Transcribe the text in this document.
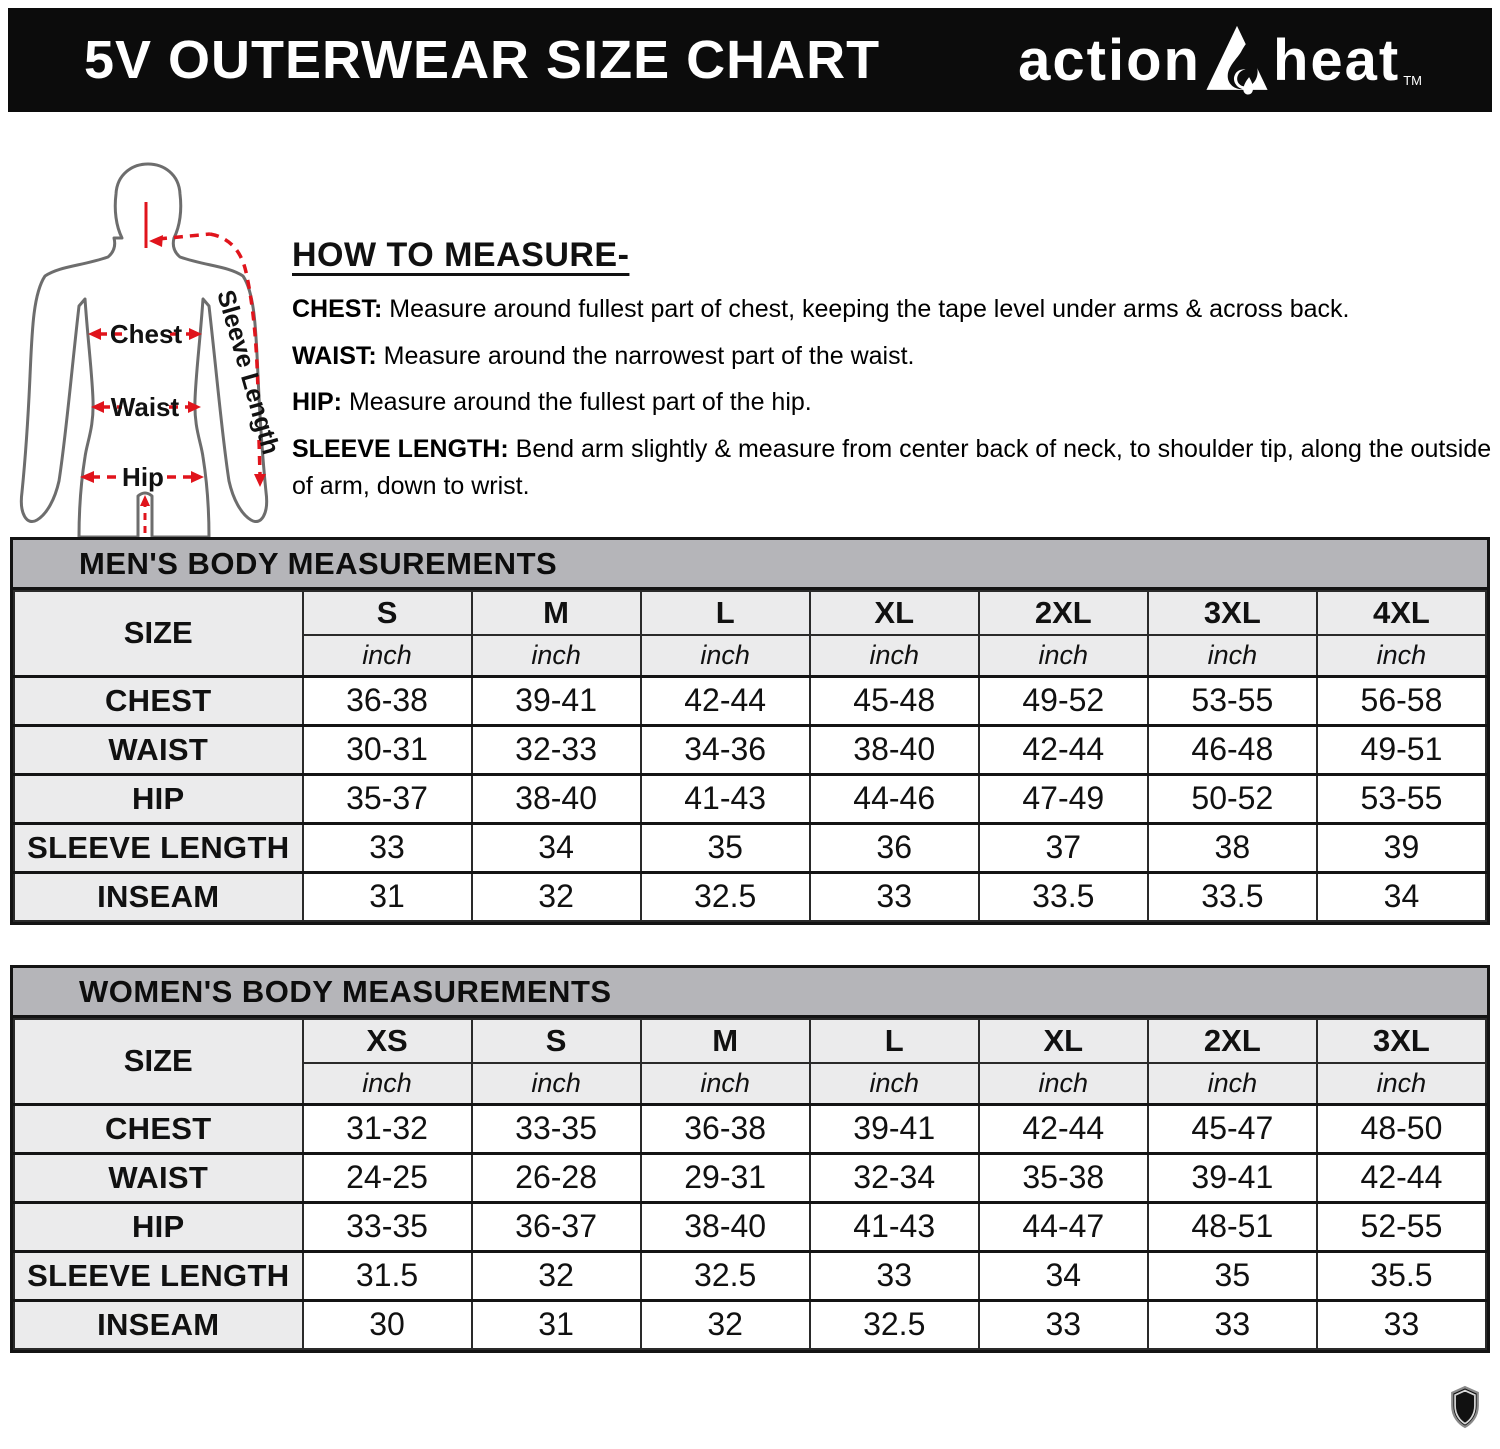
5V OUTERWEAR SIZE CHART action heat TM
Chest
Waist
Hip
Sleeve Length
HOW TO MEASURE-

CHEST: Measure around fullest part of chest, keeping the tape level under arms & across back.

WAIST: Measure around the narrowest part of the waist.

HIP: Measure around the fullest part of the hip.

SLEEVE LENGTH: Bend arm slightly & measure from center back of neck, to shoulder tip, along the outside of arm, down to wrist.

MEN'S BODY MEASUREMENTS
SIZE	S	M	L	XL	2XL	3XL	4XL
	inch	inch	inch	inch	inch	inch	inch
CHEST	36-38	39-41	42-44	45-48	49-52	53-55	56-58
WAIST	30-31	32-33	34-36	38-40	42-44	46-48	49-51
HIP	35-37	38-40	41-43	44-46	47-49	50-52	53-55
SLEEVE LENGTH	33	34	35	36	37	38	39
INSEAM	31	32	32.5	33	33.5	33.5	34
WOMEN'S BODY MEASUREMENTS
SIZE	XS	S	M	L	XL	2XL	3XL
	inch	inch	inch	inch	inch	inch	inch
CHEST	31-32	33-35	36-38	39-41	42-44	45-47	48-50
WAIST	24-25	26-28	29-31	32-34	35-38	39-41	42-44
HIP	33-35	36-37	38-40	41-43	44-47	48-51	52-55
SLEEVE LENGTH	31.5	32	32.5	33	34	35	35.5
INSEAM	30	31	32	32.5	33	33	33
